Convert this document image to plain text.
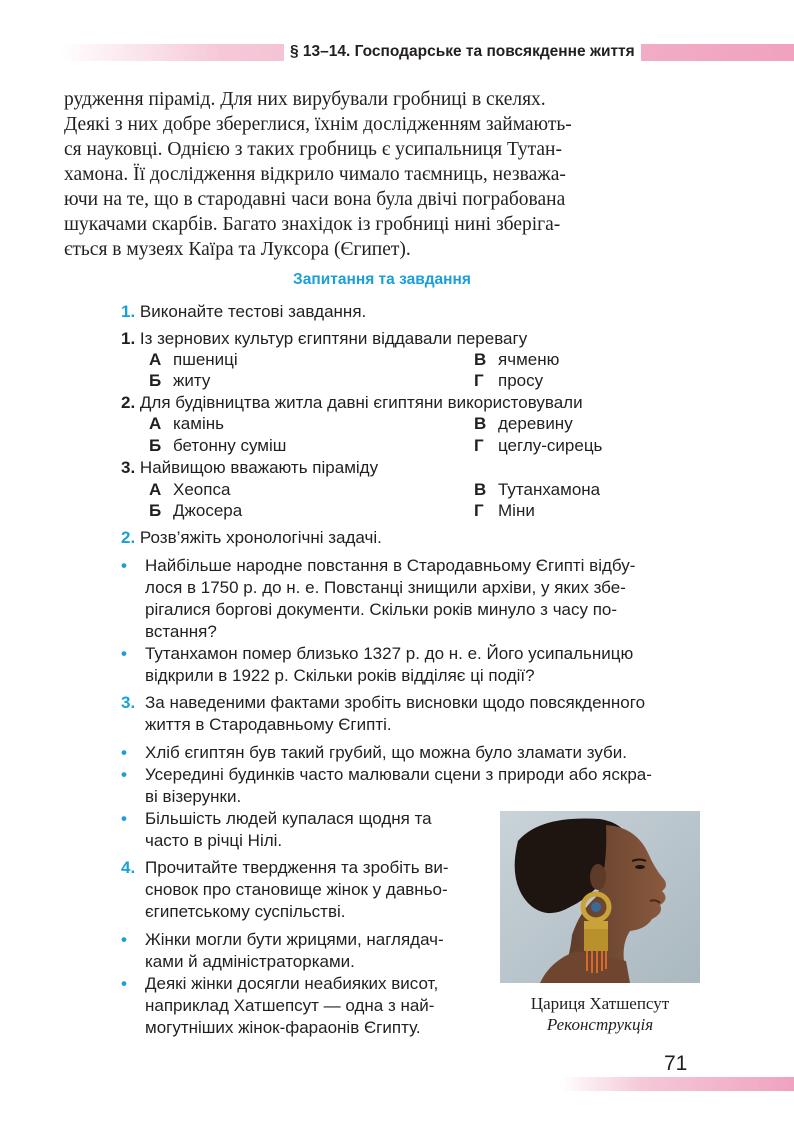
§ 13–14. Господарське та повсякденне життя
рудження пірамід. Для них вирубували гробниці в скелях.
Деякі з них добре збереглися, їхнім дослідженням займають-
ся науковці. Однією з таких гробниць є усипальниця Тутан-
хамона. Її дослідження відкрило чимало таємниць, незважа-
ючи на те, що в стародавні часи вона була двічі пограбована
шукачами скарбів. Багато знахідок із гробниці нині зберіга-
ється в музеях Каїра та Луксора (Єгипет).
Запитання та завдання
1. Виконайте тестові завдання.
1. Із зернових культур єгиптяни віддавали перевагу
А пшениці
Б житу
В ячменю
Г просу
2. Для будівництва житла давні єгиптяни використовували
А камінь
Б бетонну суміш
В деревину
Г цеглу-сирець
3. Найвищою вважають піраміду
А Хеопса
Б Джосера
В Тутанхамона
Г Міни
2. Розв’яжіть хронологічні задачі.
• Найбільше народне повстання в Стародавньому Єгипті відбу-
лося в 1750 р. до н. е. Повстанці знищили архіви, у яких збе-
рігалися боргові документи. Скільки років минуло з часу по-
встання?
• Тутанхамон помер близько 1327 р. до н. е. Його усипальницю
відкрили в 1922 р. Скільки років відділяє ці події?
3. За наведеними фактами зробіть висновки щодо повсякденного
життя в Стародавньому Єгипті.
• Хліб єгиптян був такий грубий, що можна було зламати зуби.
• Усередині будинків часто малювали сцени з природи або яскра-
ві візерунки.
• Більшість людей купалася щодня та
часто в річці Нілі.
4. Прочитайте твердження та зробіть ви-
сновок про становище жінок у давньо-
єгипетському суспільстві.
• Жінки могли бути жрицями, наглядач-
ками й адміністраторками.
• Деякі жінки досягли неабияких висот,
наприклад Хатшепсут — одна з най-
могутніших жінок-фараонів Єгипту.
Цариця Хатшепсут
Реконструкція
71
